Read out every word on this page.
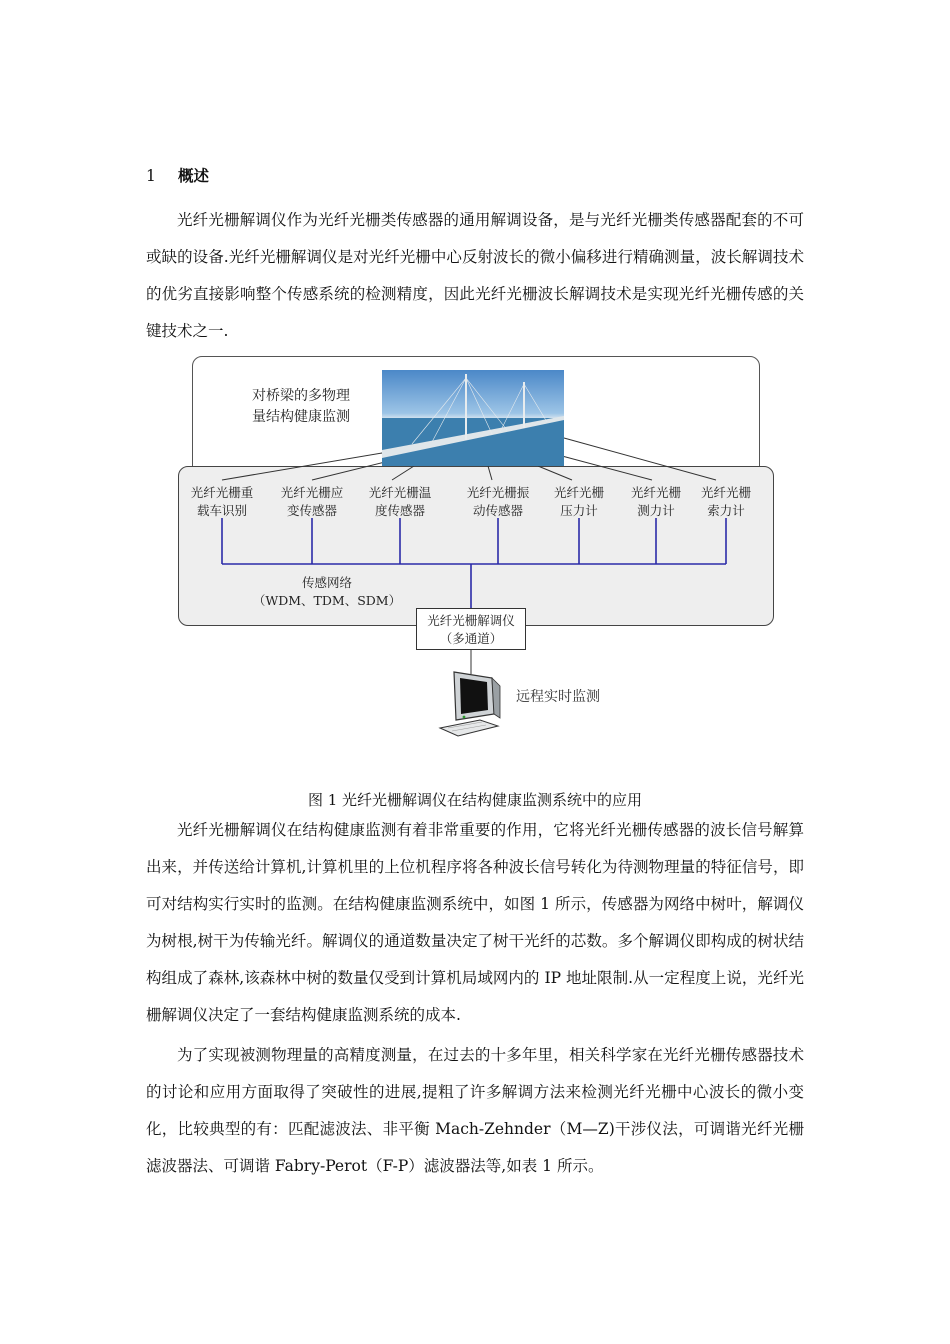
1 概述

光纤光栅解调仪作为光纤光栅类传感器的通用解调设备，是与光纤光栅类传感器配套的不可或缺的设备.光纤光栅解调仪是对光纤光栅中心反射波长的微小偏移进行精确测量，波长解调技术的优劣直接影响整个传感系统的检测精度，因此光纤光栅波长解调技术是实现光纤光栅传感的关键技术之一.

对桥梁的多物理
量结构健康监测
光纤光栅重
载车识别
光纤光栅应
变传感器
光纤光栅温
度传感器
光纤光栅振
动传感器
光纤光栅
压力计
光纤光栅
测力计
光纤光栅
索力计
传感网络
（WDM、TDM、SDM）
光纤光栅解调仪
（多通道）
远程实时监测
图 1 光纤光栅解调仪在结构健康监测系统中的应用

光纤光栅解调仪在结构健康监测有着非常重要的作用，它将光纤光栅传感器的波长信号解算出来，并传送给计算机,计算机里的上位机程序将各种波长信号转化为待测物理量的特征信号，即可对结构实行实时的监测。在结构健康监测系统中，如图 1 所示，传感器为网络中树叶，解调仪为树根,树干为传输光纤。解调仪的通道数量决定了树干光纤的芯数。多个解调仪即构成的树状结构组成了森林,该森林中树的数量仅受到计算机局域网内的 IP 地址限制.从一定程度上说，光纤光栅解调仪决定了一套结构健康监测系统的成本.

为了实现被测物理量的高精度测量，在过去的十多年里，相关科学家在光纤光栅传感器技术的讨论和应用方面取得了突破性的进展,提粗了许多解调方法来检测光纤光栅中心波长的微小变化，比较典型的有：匹配滤波法、非平衡 Mach-Zehnder（M—Z)干涉仪法，可调谐光纤光栅滤波器法、可调谐 Fabry-Perot（F-P）滤波器法等,如表 1 所示。
